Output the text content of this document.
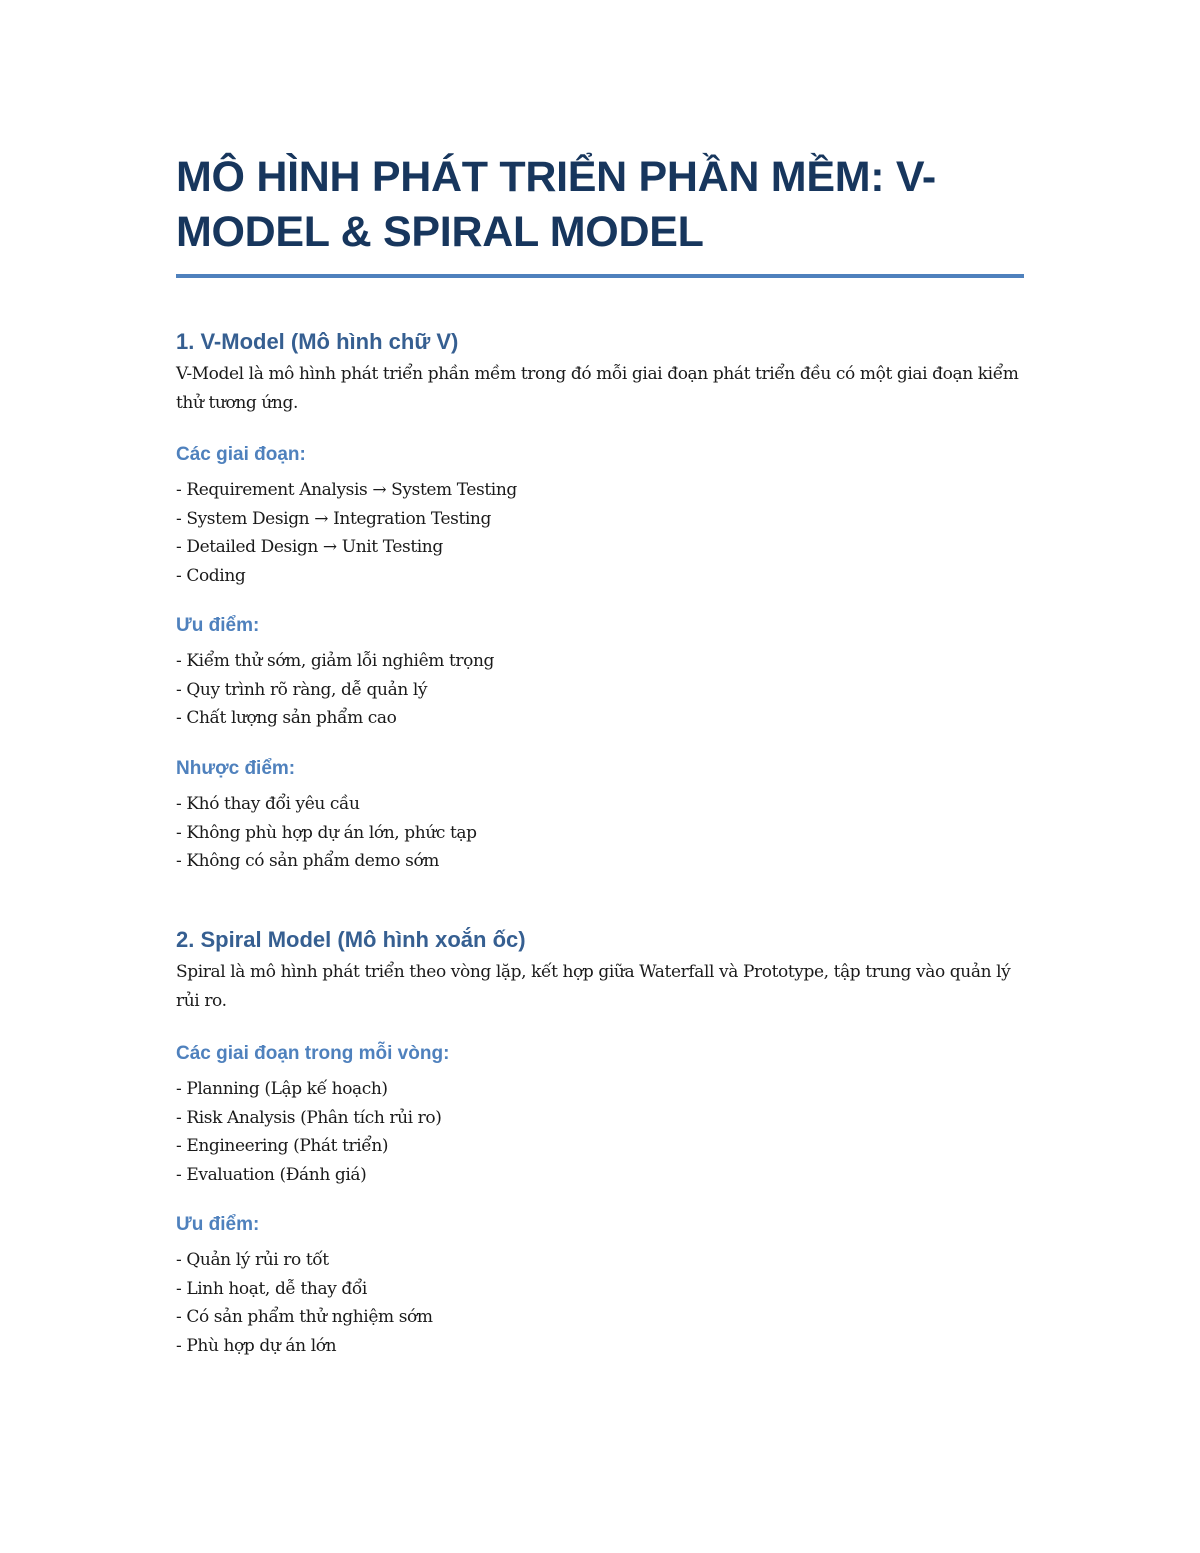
MÔ HÌNH PHÁT TRIỂN PHẦN MỀM: V-MODEL & SPIRAL MODEL
1. V-Model (Mô hình chữ V)

V-Model là mô hình phát triển phần mềm trong đó mỗi giai đoạn phát triển đều có một giai đoạn kiểm thử tương ứng.

Các giai đoạn:
- Requirement Analysis → System Testing
- System Design → Integration Testing
- Detailed Design → Unit Testing
- Coding
Ưu điểm:
- Kiểm thử sớm, giảm lỗi nghiêm trọng
- Quy trình rõ ràng, dễ quản lý
- Chất lượng sản phẩm cao
Nhược điểm:
- Khó thay đổi yêu cầu
- Không phù hợp dự án lớn, phức tạp
- Không có sản phẩm demo sớm
2. Spiral Model (Mô hình xoắn ốc)

Spiral là mô hình phát triển theo vòng lặp, kết hợp giữa Waterfall và Prototype, tập trung vào quản lý rủi ro.

Các giai đoạn trong mỗi vòng:
- Planning (Lập kế hoạch)
- Risk Analysis (Phân tích rủi ro)
- Engineering (Phát triển)
- Evaluation (Đánh giá)
Ưu điểm:
- Quản lý rủi ro tốt
- Linh hoạt, dễ thay đổi
- Có sản phẩm thử nghiệm sớm
- Phù hợp dự án lớn
